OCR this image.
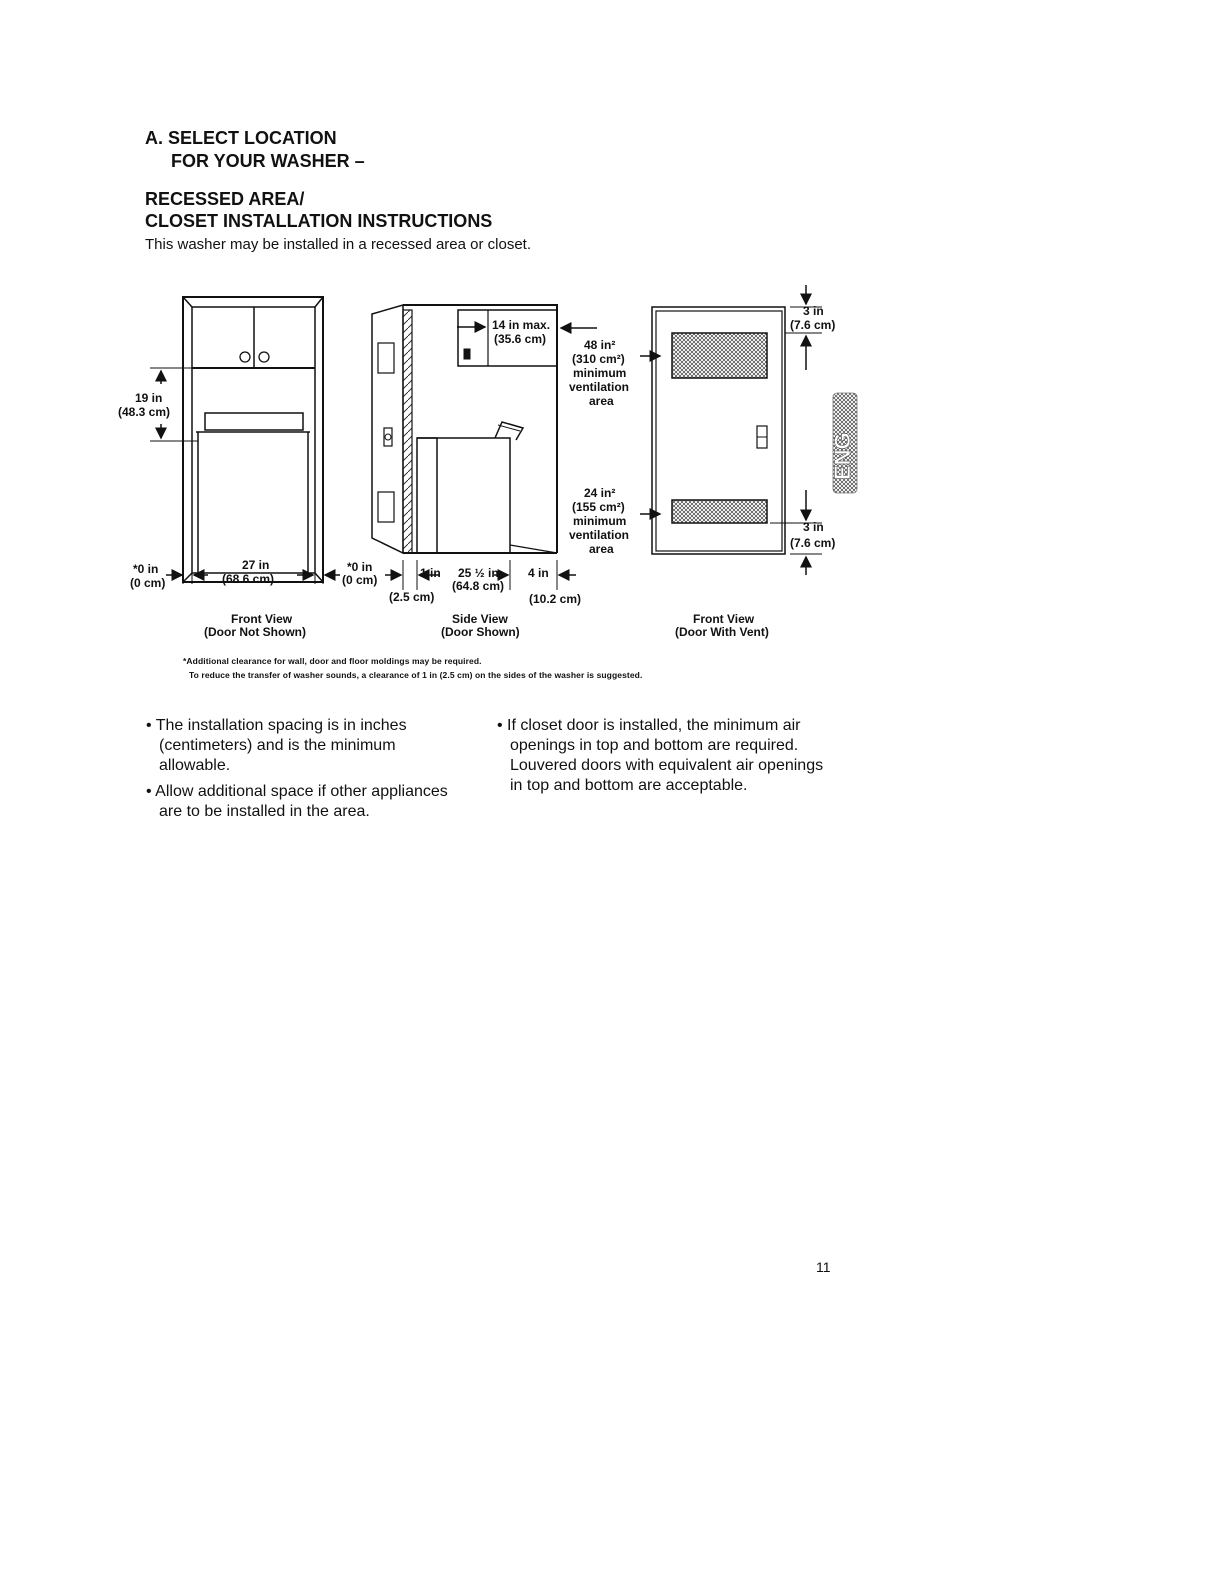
A. SELECT LOCATION
FOR YOUR WASHER –
RECESSED AREA/
CLOSET INSTALLATION INSTRUCTIONS
This washer may be installed in a recessed area or closet.
19 in
(48.3 cm)
*0 in
(0 cm)
27 in
(68.6 cm)
Front View
(Door Not Shown)
14 in max.
(35.6 cm)	48 in²
(310 cm²)
minimum
ventilation
area
24 in²
(155 cm²)
minimum
ventilation
area
*0 in
(0 cm)	1 in
(2.5 cm)
25 ½ in
(64.8 cm)
4 in
(10.2 cm)
Side View
(Door Shown)
3 in
(7.6 cm)
3 in
(7.6 cm)
Front View
(Door With Vent)
ENG
*Additional clearance for wall, door and floor moldings may be required.
To reduce the transfer of washer sounds, a clearance of 1 in (2.5 cm) on the sides of the washer is suggested.

• The installation spacing is in inches (centimeters) and is the minimum allowable.

• Allow additional space if other appliances are to be installed in the area.

• If closet door is installed, the minimum air openings in top and bottom are required. Louvered doors with equivalent air openings in top and bottom are acceptable.

11
